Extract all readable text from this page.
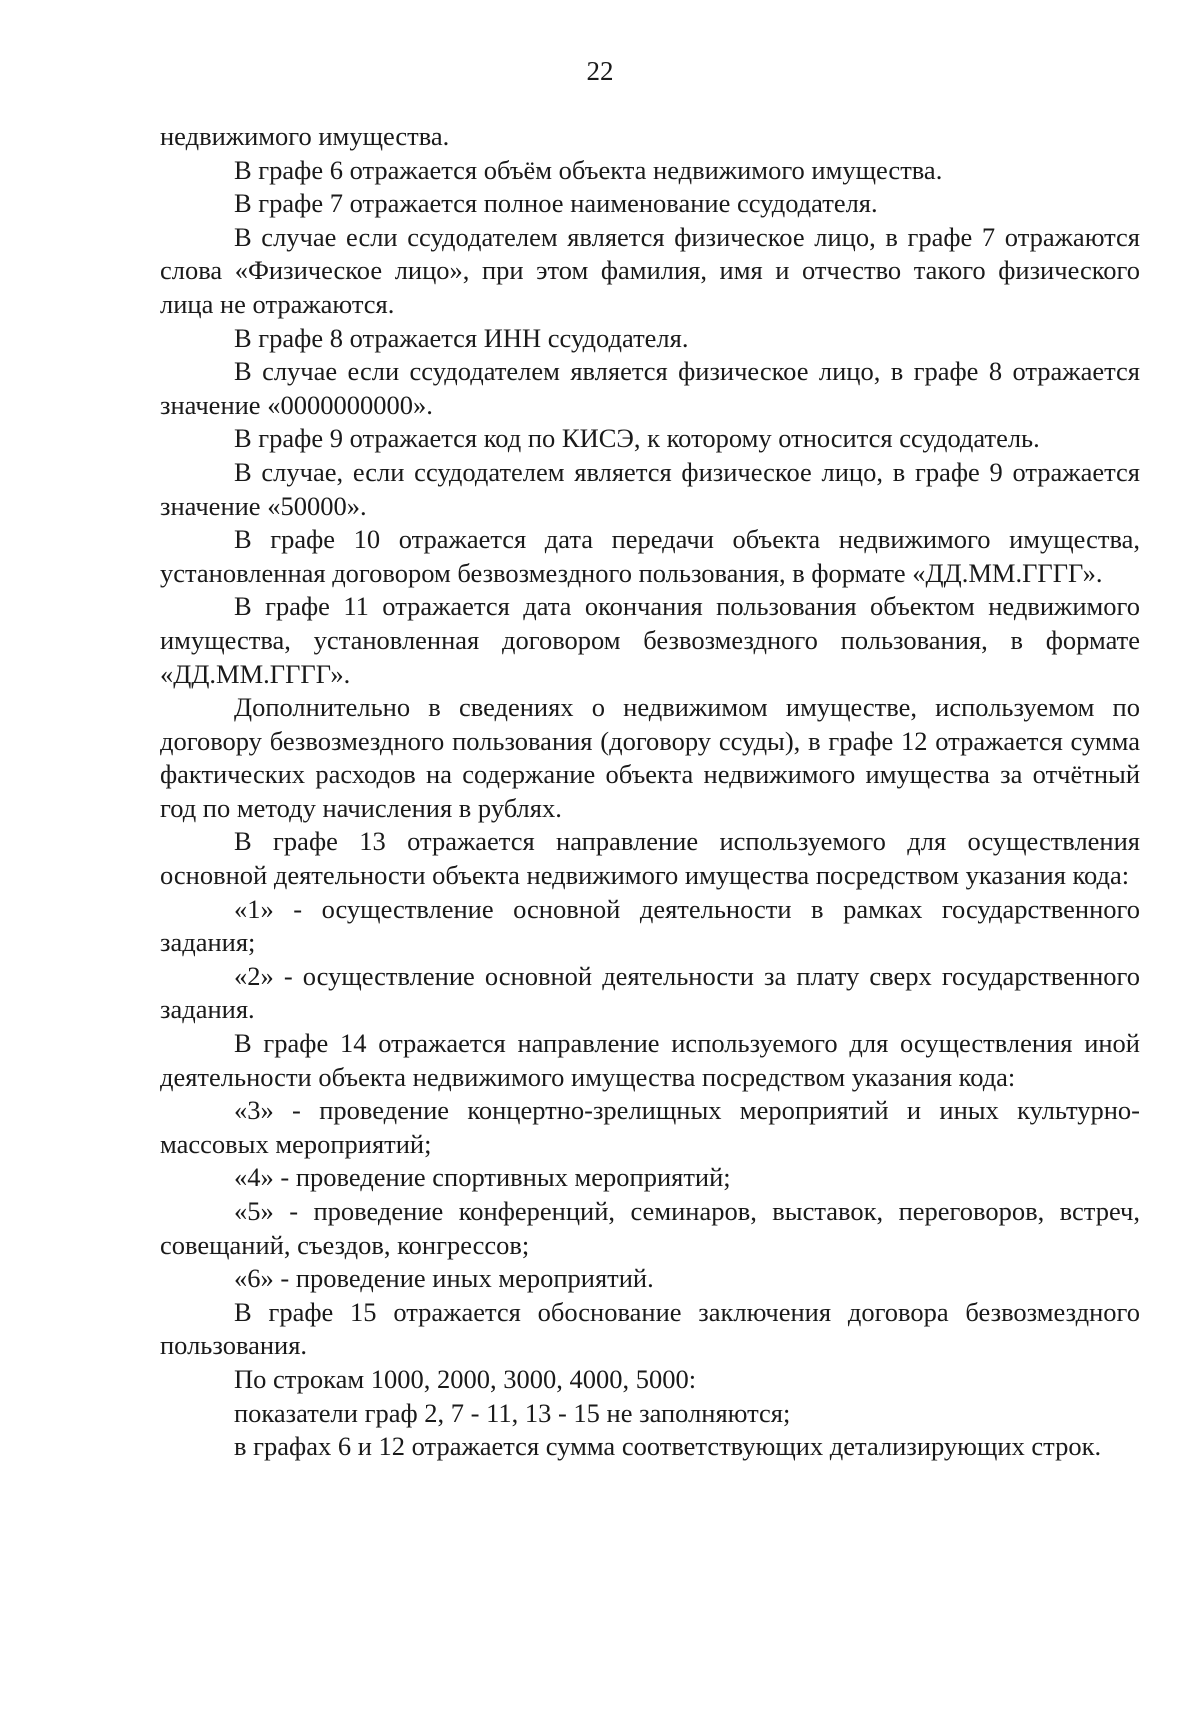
22

недвижимого имущества.

В графе 6 отражается объём объекта недвижимого имущества.

В графе 7 отражается полное наименование ссудодателя.

В случае если ссудодателем является физическое лицо, в графе 7 отражаются слова «Физическое лицо», при этом фамилия, имя и отчество такого физического лица не отражаются.

В графе 8 отражается ИНН ссудодателя.

В случае если ссудодателем является физическое лицо, в графе 8 отражается значение «0000000000».

В графе 9 отражается код по КИСЭ, к которому относится ссудодатель.

В случае, если ссудодателем является физическое лицо, в графе 9 отражается значение «50000».

В графе 10 отражается дата передачи объекта недвижимого имущества, установленная договором безвозмездного пользования, в формате «ДД.ММ.ГГГГ».

В графе 11 отражается дата окончания пользования объектом недвижимого имущества, установленная договором безвозмездного пользования, в формате «ДД.ММ.ГГГГ».

Дополнительно в сведениях о недвижимом имуществе, используемом по договору безвозмездного пользования (договору ссуды), в графе 12 отражается сумма фактических расходов на содержание объекта недвижимого имущества за отчётный год по методу начисления в рублях.

В графе 13 отражается направление используемого для осуществления основной деятельности объекта недвижимого имущества посредством указания кода:

«1» - осуществление основной деятельности в рамках государственного задания;

«2» - осуществление основной деятельности за плату сверх государственного задания.

В графе 14 отражается направление используемого для осуществления иной деятельности объекта недвижимого имущества посредством указания кода:

«3» - проведение концертно-зрелищных мероприятий и иных культурно-массовых мероприятий;

«4» - проведение спортивных мероприятий;

«5» - проведение конференций, семинаров, выставок, переговоров, встреч, совещаний, съездов, конгрессов;

«6» - проведение иных мероприятий.

В графе 15 отражается обоснование заключения договора безвозмездного пользования.

По строкам 1000, 2000, 3000, 4000, 5000:

показатели граф 2, 7 - 11, 13 - 15 не заполняются;

в графах 6 и 12 отражается сумма соответствующих детализирующих строк.
